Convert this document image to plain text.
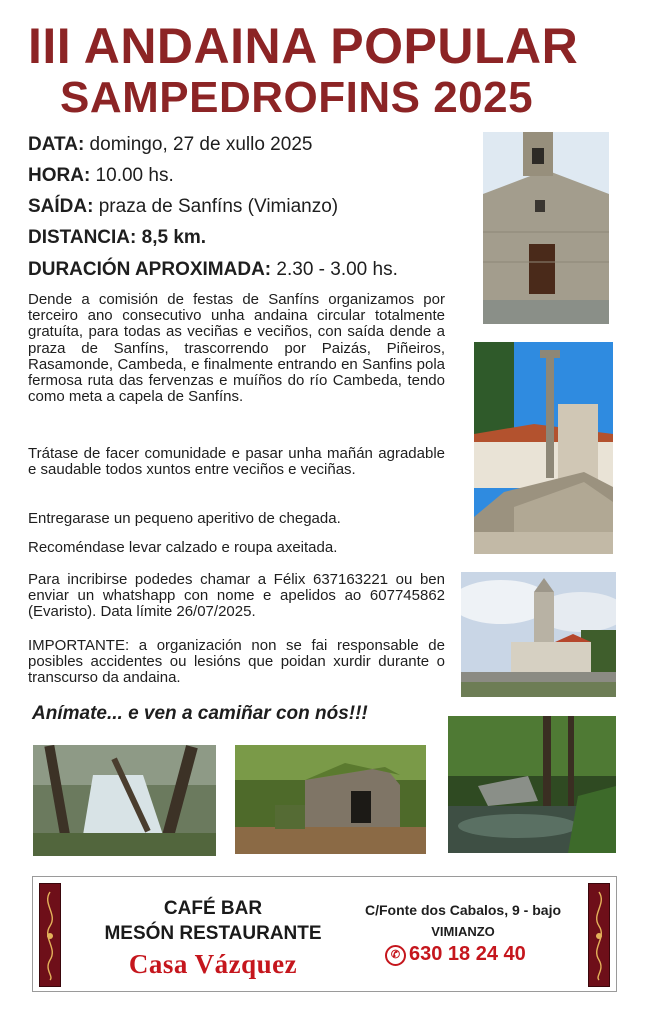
III ANDAINA POPULAR
SAMPEDROFINS 2025
DATA: domingo, 27 de xullo 2025
HORA: 10.00 hs.
SAÍDA: praza de Sanfíns (Vimianzo)
DISTANCIA: 8,5 km.
DURACIÓN APROXIMADA: 2.30 - 3.00 hs.
Dende a comisión de festas de Sanfíns organizamos por terceiro ano consecutivo unha andaina circular totalmente gratuíta, para todas as veciñas e veciños, con saída dende a praza de Sanfíns, trascorrendo por Paizás, Piñeiros, Rasamonde, Cambeda, e finalmente entrando en Sanfins pola fermosa ruta das fervenzas e muíños do río Cambeda, tendo como meta a capela de Sanfíns.
Trátase de facer comunidade e pasar unha mañán agradable e saudable todos xuntos entre veciños e veciñas.
Entregarase un pequeno aperitivo de chegada.
Recoméndase levar calzado e roupa axeitada.
Para incribirse podedes chamar a Félix 637163221 ou ben enviar un whatshapp con nome e apelidos ao 607745862 (Evaristo). Data límite 26/07/2025.
IMPORTANTE: a organización non se fai responsable de posibles accidentes ou lesións que poidan xurdir durante o transcurso da andaina.
Anímate... e ven a camiñar con nós!!!
CAFÉ BAR
MESÓN RESTAURANTE
Casa Vázquez
C/Fonte dos Cabalos, 9 - bajo
VIMIANZO
✆ 630 18 24 40
